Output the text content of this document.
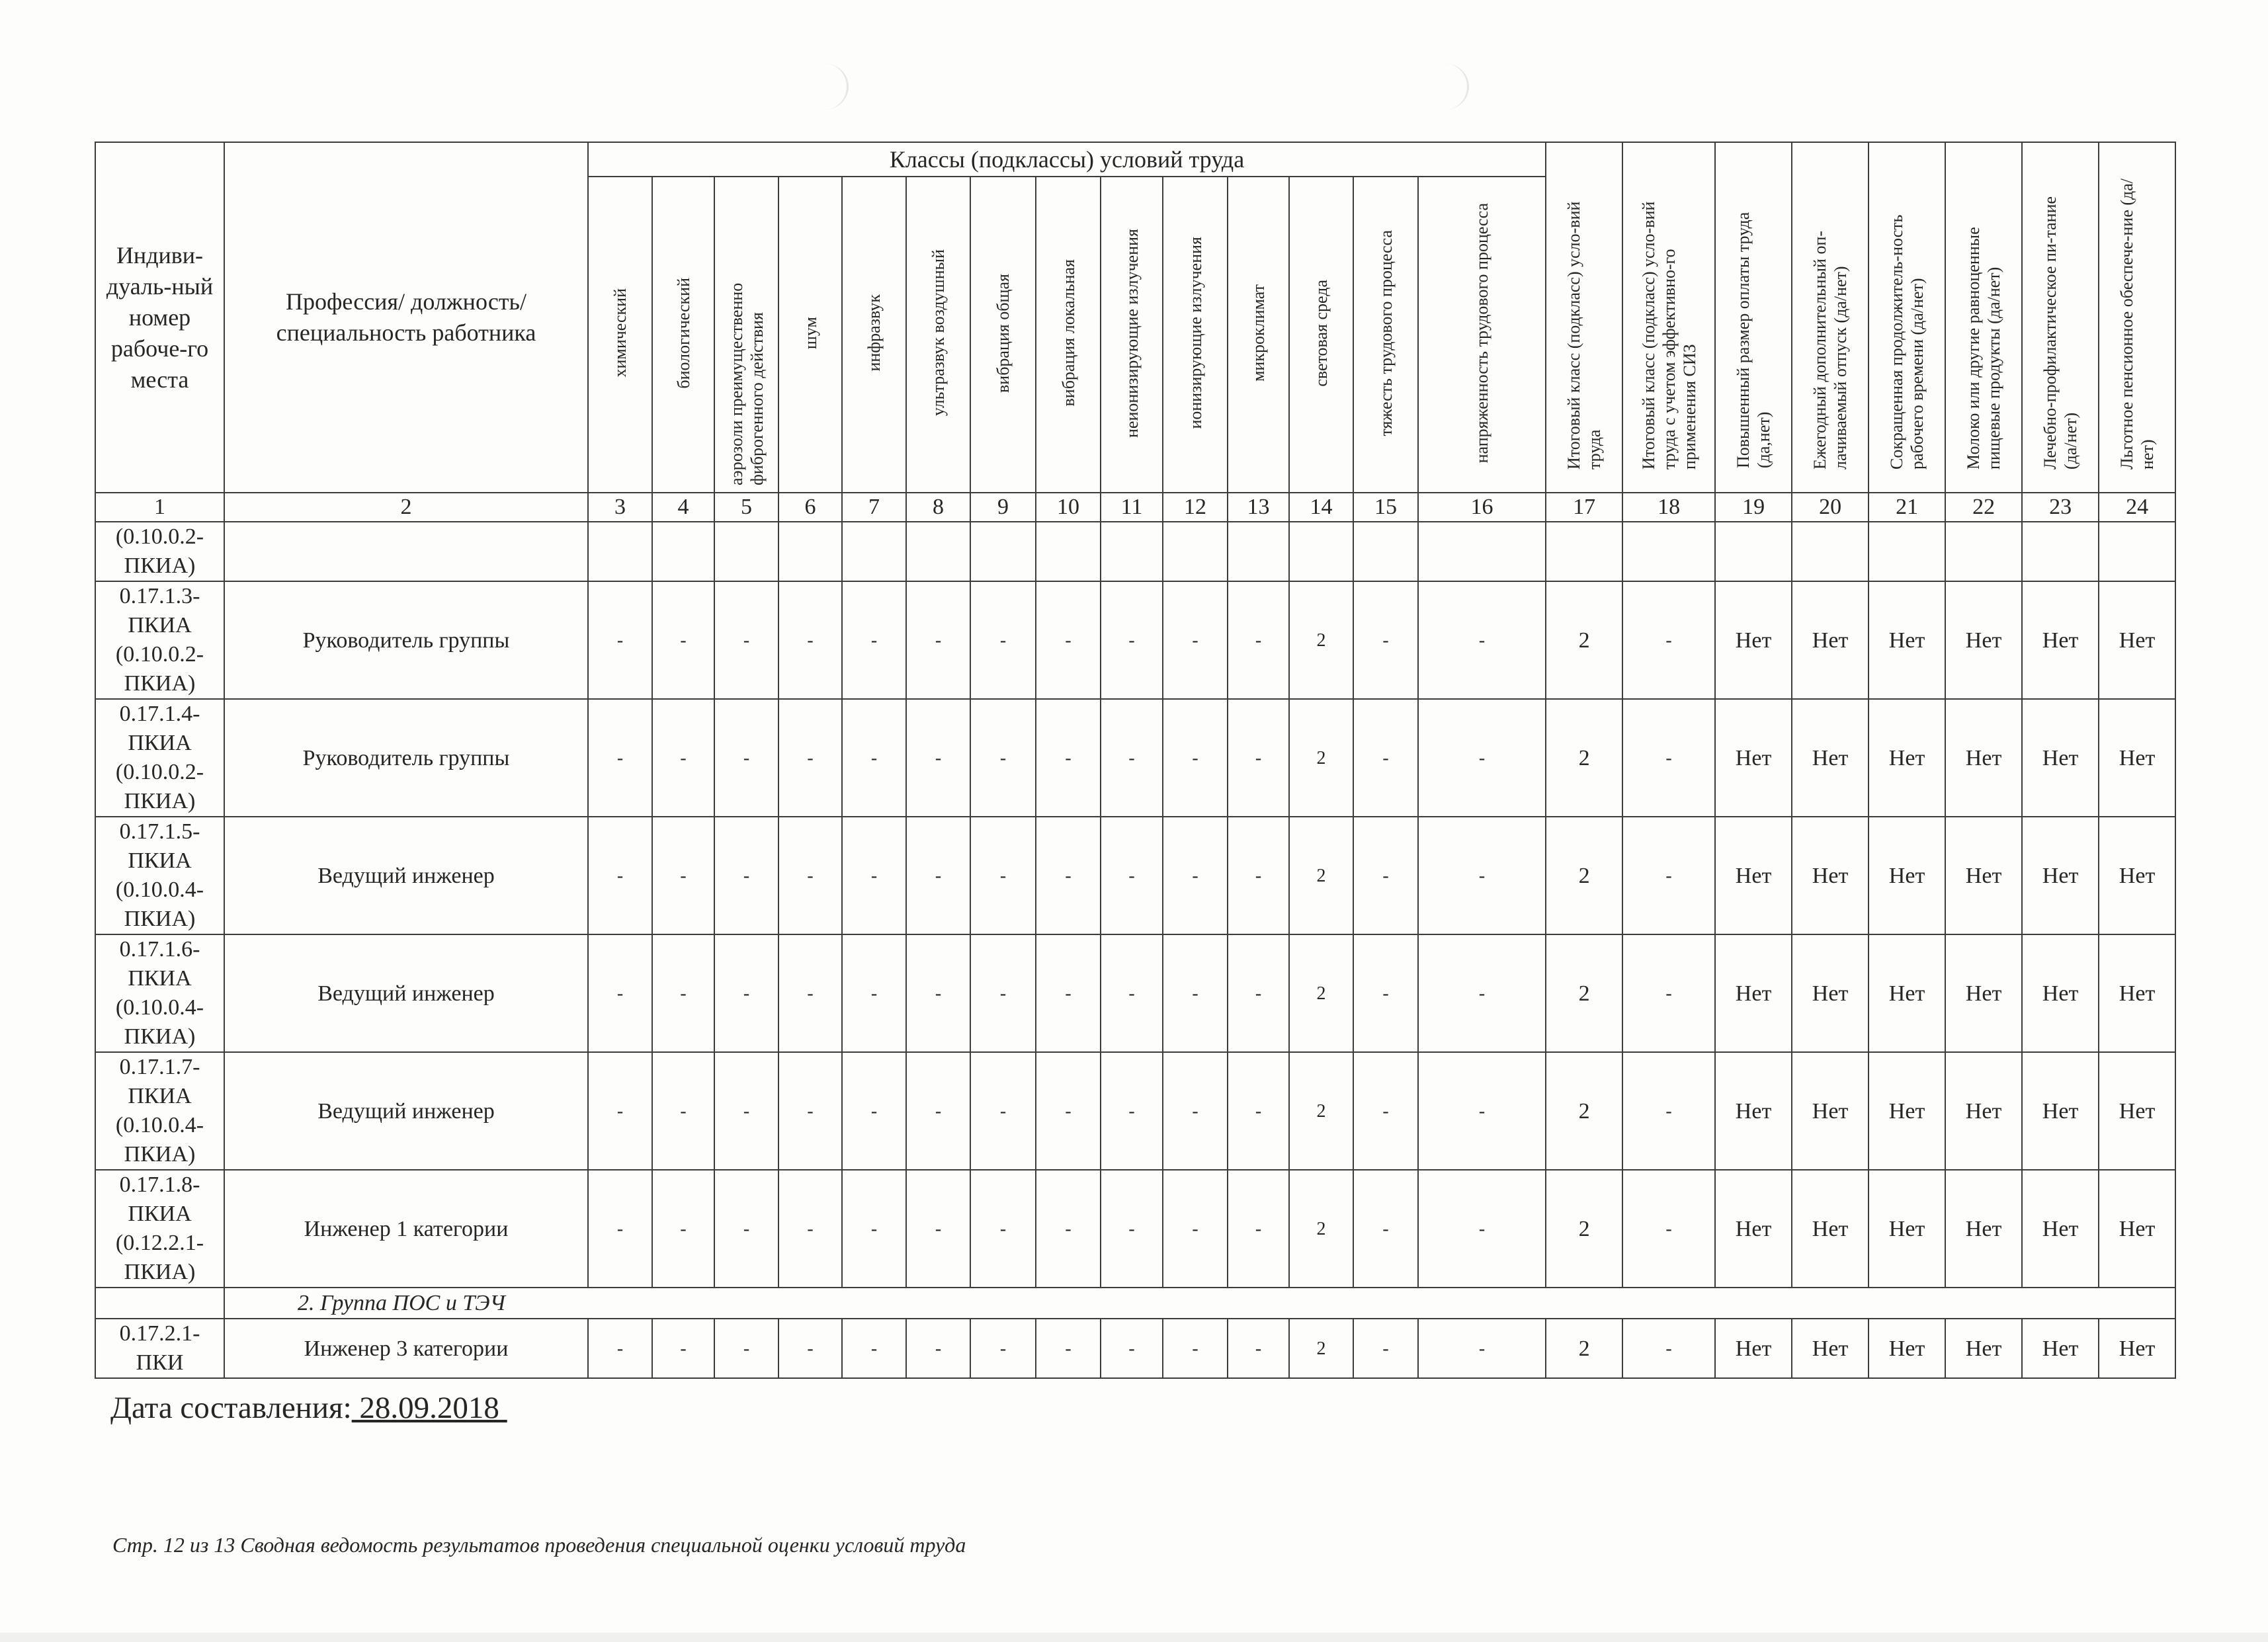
Индиви-дуаль-ный номер рабоче-го места	Профессия/ должность/ специальность работника	Классы (подклассы) условий труда														Итоговый класс (подкласс) усло-вий труда	Итоговый класс (подкласс) усло-вий труда с учетом эффективно-го применения СИЗ	Повышенный размер оплаты труда (да,нет)	Ежегодный дополнительный оп-лачиваемый отпуск (да/нет)	Сокращенная продолжитель-ность рабочего времени (да/нет)	Молоко или другие равноценные пищевые продукты (да/нет)	Лечебно-профилактическое пи-тание (да/нет)	Льготное пенсионное обеспече-ние (да/нет)	
		химический	биологический	аэрозоли преимущественно фиброгенного действия	шум	инфразвук	ультразвук воздушный	вибрация общая	вибрация локальная	неионизирующие излучения	ионизирующие излучения	микроклимат	световая среда	тяжесть трудового процесса	напряженность трудового процесса									
1	2	3	4	5	6	7	8	9	10	11	12	13	14	15	16	17	18	19	20	21	22	23	24	
(0.10.0.2-ПКИА)																								
0.17.1.3-ПКИА (0.10.0.2-ПКИА)	Руководитель группы	-	-	-	-	-	-	-	-	-	-	-	2	-	-	2	-	Нет	Нет	Нет	Нет	Нет	Нет	
0.17.1.4-ПКИА (0.10.0.2-ПКИА)	Руководитель группы	-	-	-	-	-	-	-	-	-	-	-	2	-	-	2	-	Нет	Нет	Нет	Нет	Нет	Нет	
0.17.1.5-ПКИА (0.10.0.4-ПКИА)	Ведущий инженер	-	-	-	-	-	-	-	-	-	-	-	2	-	-	2	-	Нет	Нет	Нет	Нет	Нет	Нет	
0.17.1.6-ПКИА (0.10.0.4-ПКИА)	Ведущий инженер	-	-	-	-	-	-	-	-	-	-	-	2	-	-	2	-	Нет	Нет	Нет	Нет	Нет	Нет	
0.17.1.7-ПКИА (0.10.0.4-ПКИА)	Ведущий инженер	-	-	-	-	-	-	-	-	-	-	-	2	-	-	2	-	Нет	Нет	Нет	Нет	Нет	Нет	
0.17.1.8-ПКИА (0.12.2.1-ПКИА)	Инженер 1 категории	-	-	-	-	-	-	-	-	-	-	-	2	-	-	2	-	Нет	Нет	Нет	Нет	Нет	Нет	
	2. Группа ПОС и ТЭЧ																							
0.17.2.1-ПКИ	Инженер 3 категории	-	-	-	-	-	-	-	-	-	-	-	2	-	-	2	-	Нет	Нет	Нет	Нет	Нет	Нет	
Дата составления: 28.09.2018
Стр. 12 из 13 Сводная ведомость результатов проведения специальной оценки условий труда
